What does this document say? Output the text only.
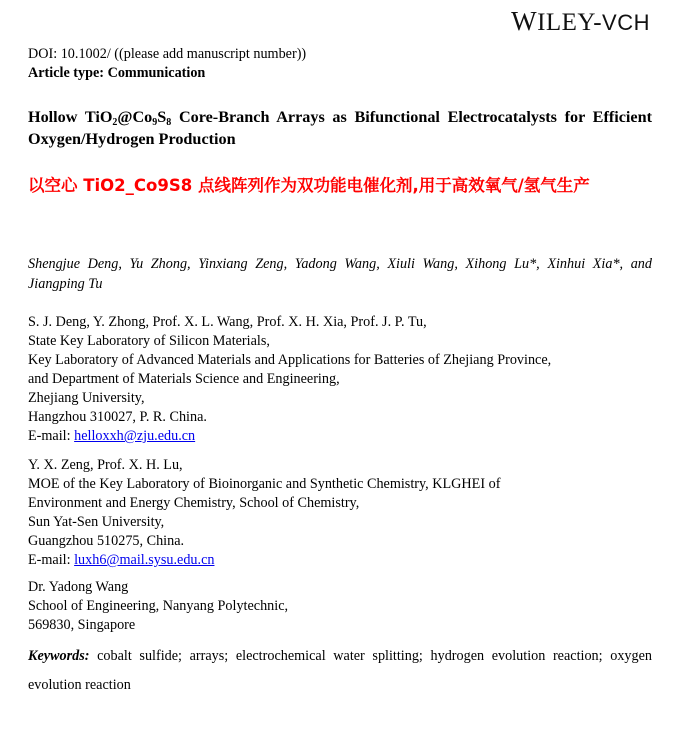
WILEY-VCH
DOI: 10.1002/ ((please add manuscript number))
Article type: Communication
Hollow $TiO_2@Co_9S_8$ Core-Branch Arrays as Bifunctional Electrocatalysts for Efficient Oxygen/Hydrogen Production
以空心 TiO2_Co9S8 点线阵列作为双功能电催化剂,用于高效氧气/氢气生产
Shengjue Deng, Yu Zhong, Yinxiang Zeng, Yadong Wang, Xiuli Wang, Xihong Lu*, Xinhui Xia*, and Jiangping Tu
S. J. Deng, Y. Zhong, Prof. X. L. Wang, Prof. X. H. Xia, Prof. J. P. Tu,
State Key Laboratory of Silicon Materials,
Key Laboratory of Advanced Materials and Applications for Batteries of Zhejiang Province,
and Department of Materials Science and Engineering,
Zhejiang University,
Hangzhou 310027, P. R. China.
E-mail: helloxxh@zju.edu.cn
Y. X. Zeng, Prof. X. H. Lu,
MOE of the Key Laboratory of Bioinorganic and Synthetic Chemistry, KLGHEI of
Environment and Energy Chemistry, School of Chemistry,
Sun Yat-Sen University,
Guangzhou 510275, China.
E-mail: luxh6@mail.sysu.edu.cn
Dr. Yadong Wang
School of Engineering, Nanyang Polytechnic,
569830, Singapore
Keywords: cobalt sulfide; arrays; electrochemical water splitting; hydrogen evolution reaction; oxygen evolution reaction
